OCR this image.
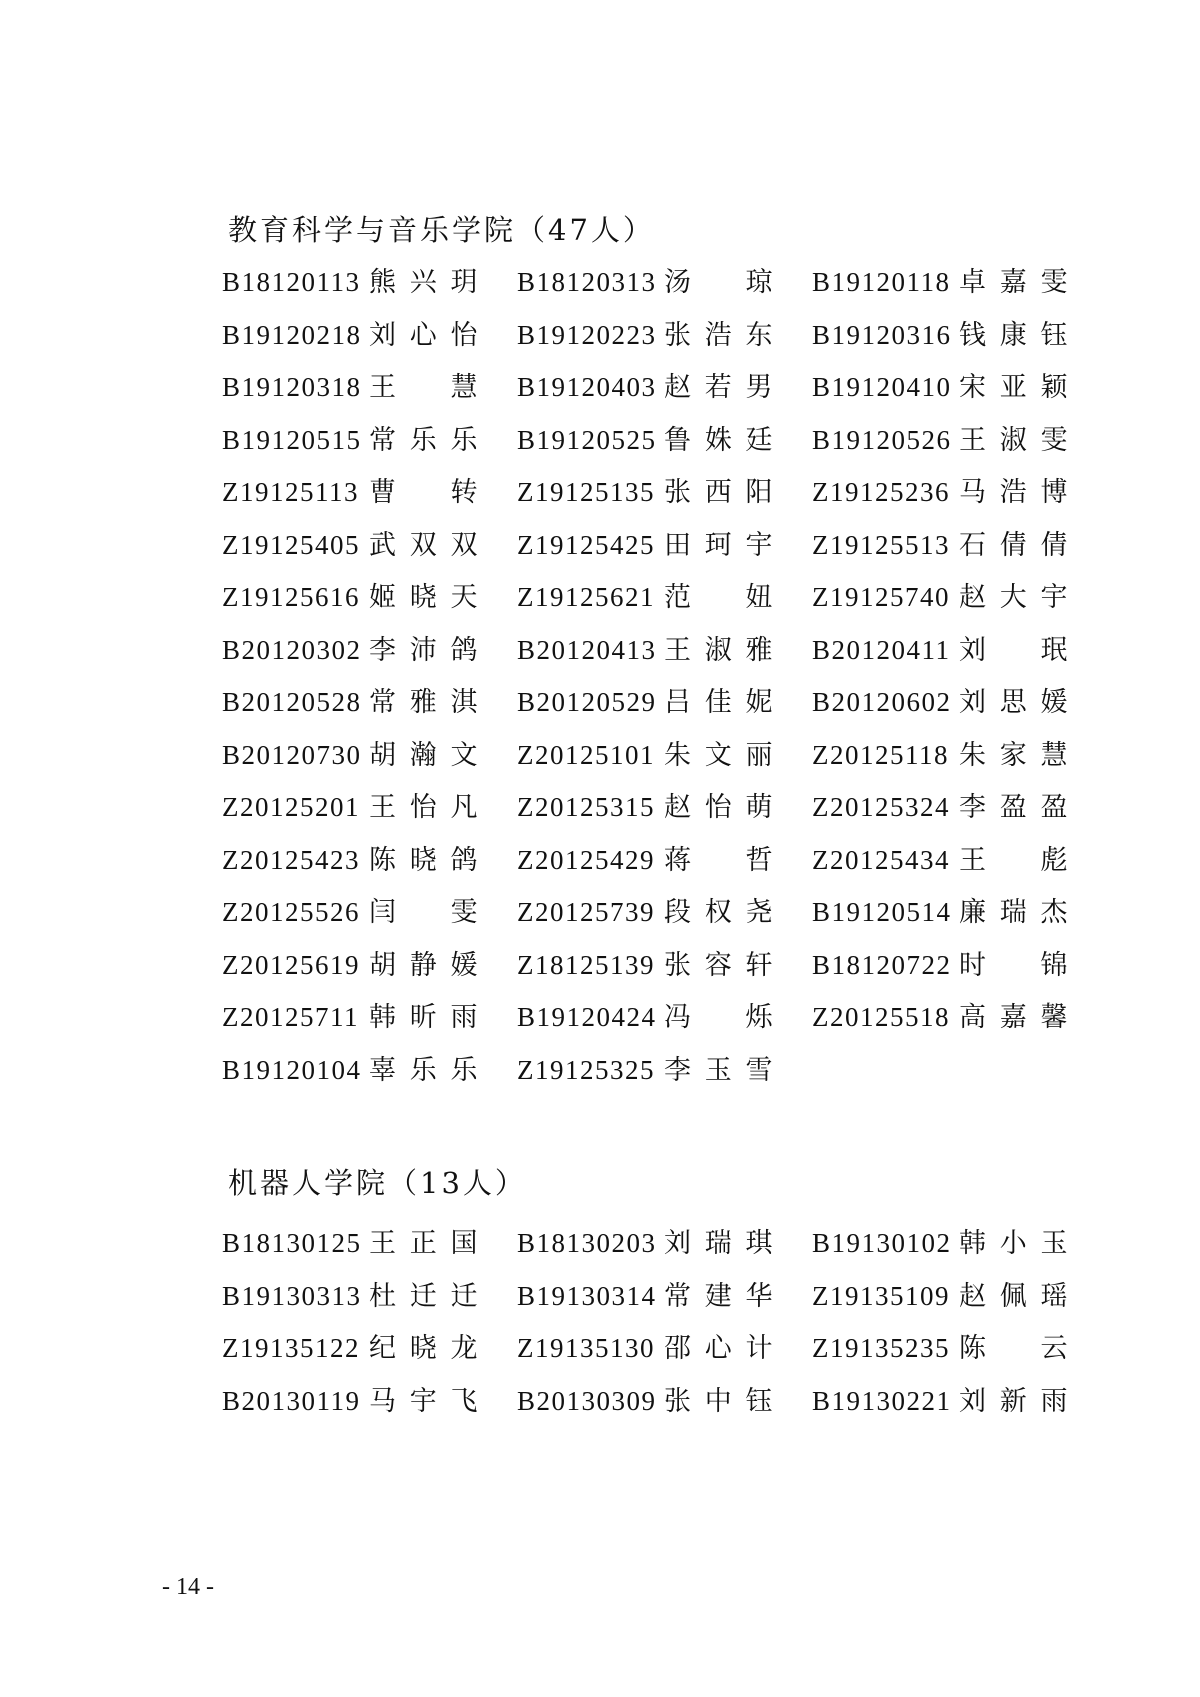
教育科学与音乐学院（47人）
B18120113 熊兴玥	B18120313 汤琼	B19120118 卓嘉雯
B19120218 刘心怡	B19120223 张浩东	B19120316 钱康钰
B19120318 王慧	B19120403 赵若男	B19120410 宋亚颖
B19120515 常乐乐	B19120525 鲁姝廷	B19120526 王淑雯
Z19125113 曹转	Z19125135 张西阳	Z19125236 马浩博
Z19125405 武双双	Z19125425 田珂宇	Z19125513 石倩倩
Z19125616 姬晓天	Z19125621 范妞	Z19125740 赵大宇
B20120302 李沛鸽	B20120413 王淑雅	B20120411 刘珉
B20120528 常雅淇	B20120529 吕佳妮	B20120602 刘思媛
B20120730 胡瀚文	Z20125101 朱文丽	Z20125118 朱家慧
Z20125201 王怡凡	Z20125315 赵怡萌	Z20125324 李盈盈
Z20125423 陈晓鸽	Z20125429 蒋哲	Z20125434 王彪
Z20125526 闫雯	Z20125739 段权尧	B19120514 廉瑞杰
Z20125619 胡静媛	Z18125139 张容轩	B18120722 时锦
Z20125711 韩昕雨	B19120424 冯烁	Z20125518 高嘉馨
B19120104 辜乐乐	Z19125325 李玉雪
机器人学院（13人）
B18130125 王正国	B18130203 刘瑞琪	B19130102 韩小玉
B19130313 杜迁迁	B19130314 常建华	Z19135109 赵佩瑶
Z19135122 纪晓龙	Z19135130 邵心计	Z19135235 陈云
B20130119 马宇飞	B20130309 张中钰	B19130221 刘新雨
- 14 -
